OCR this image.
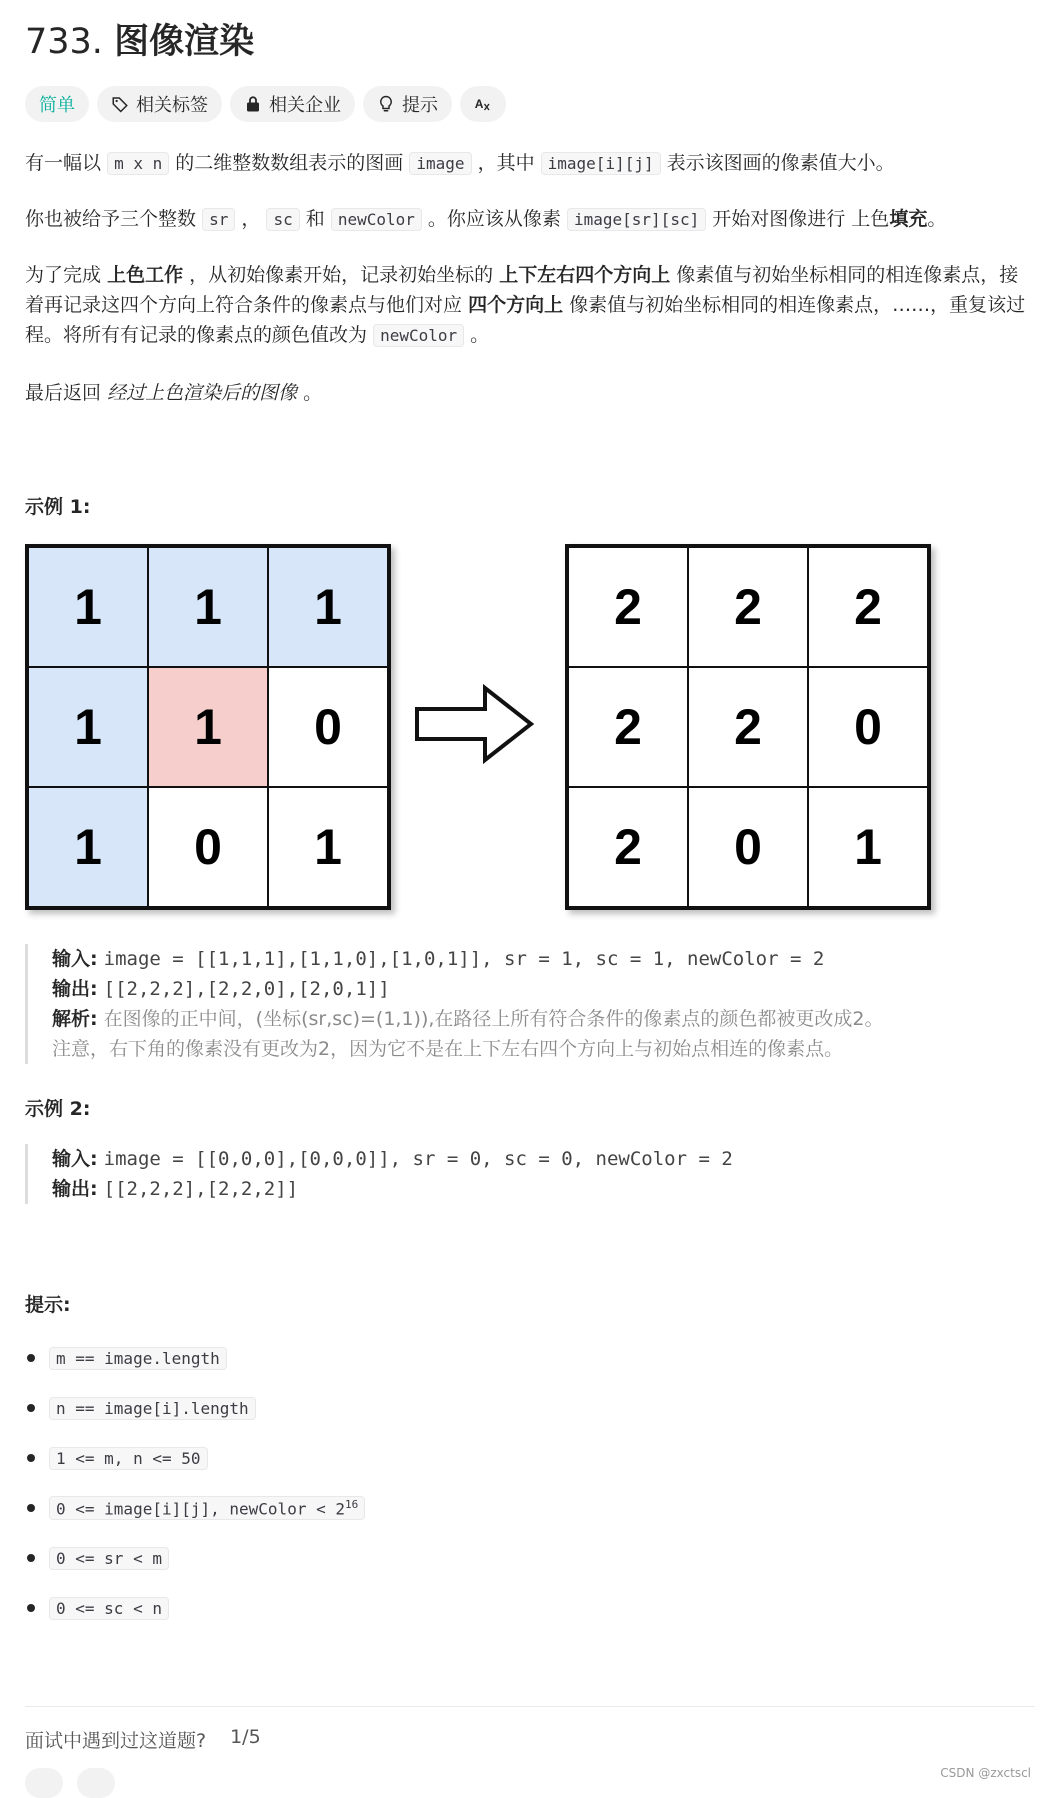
733. 图像渲染
简单	相关标签	相关企业	提示 A

有一幅以 m x n 的二维整数数组表示的图画 image ，其中 image[i][j] 表示该图画的像素值大小。

你也被给予三个整数 sr ， sc 和 newColor 。你应该从像素 image[sr][sc] 开始对图像进行 上色填充。

为了完成 上色工作 ，从初始像素开始，记录初始坐标的 上下左右四个方向上 像素值与初始坐标相同的相连像素点，接着再记录这四个方向上符合条件的像素点与他们对应 四个方向上 像素值与初始坐标相同的相连像素点，……，重复该过程。将所有有记录的像素点的颜色值改为 newColor 。

最后返回 经过上色渲染后的图像 。

示例 1:
1	1	1
1	1	0
1	0	1
2	2	2
2	2	0
2	0	1
输入: image = [[1,1,1],[1,1,0],[1,0,1]], sr = 1, sc = 1, newColor = 2
输出: [[2,2,2],[2,2,0],[2,0,1]]
解析: 在图像的正中间，(坐标(sr,sc)=(1,1)),在路径上所有符合条件的像素点的颜色都被更改成2。
注意，右下角的像素没有更改为2，因为它不是在上下左右四个方向上与初始点相连的像素点。
示例 2:
输入: image = [[0,0,0],[0,0,0]], sr = 0, sc = 0, newColor = 2
输出: [[2,2,2],[2,2,2]]
提示:
m == image.length
n == image[i].length
1 <= m, n <= 50
0 <= image[i][j], newColor < $2^{16}$
0 <= sr < m
0 <= sc < n
面试中遇到过这道题? 1/5
CSDN @zxctscl
